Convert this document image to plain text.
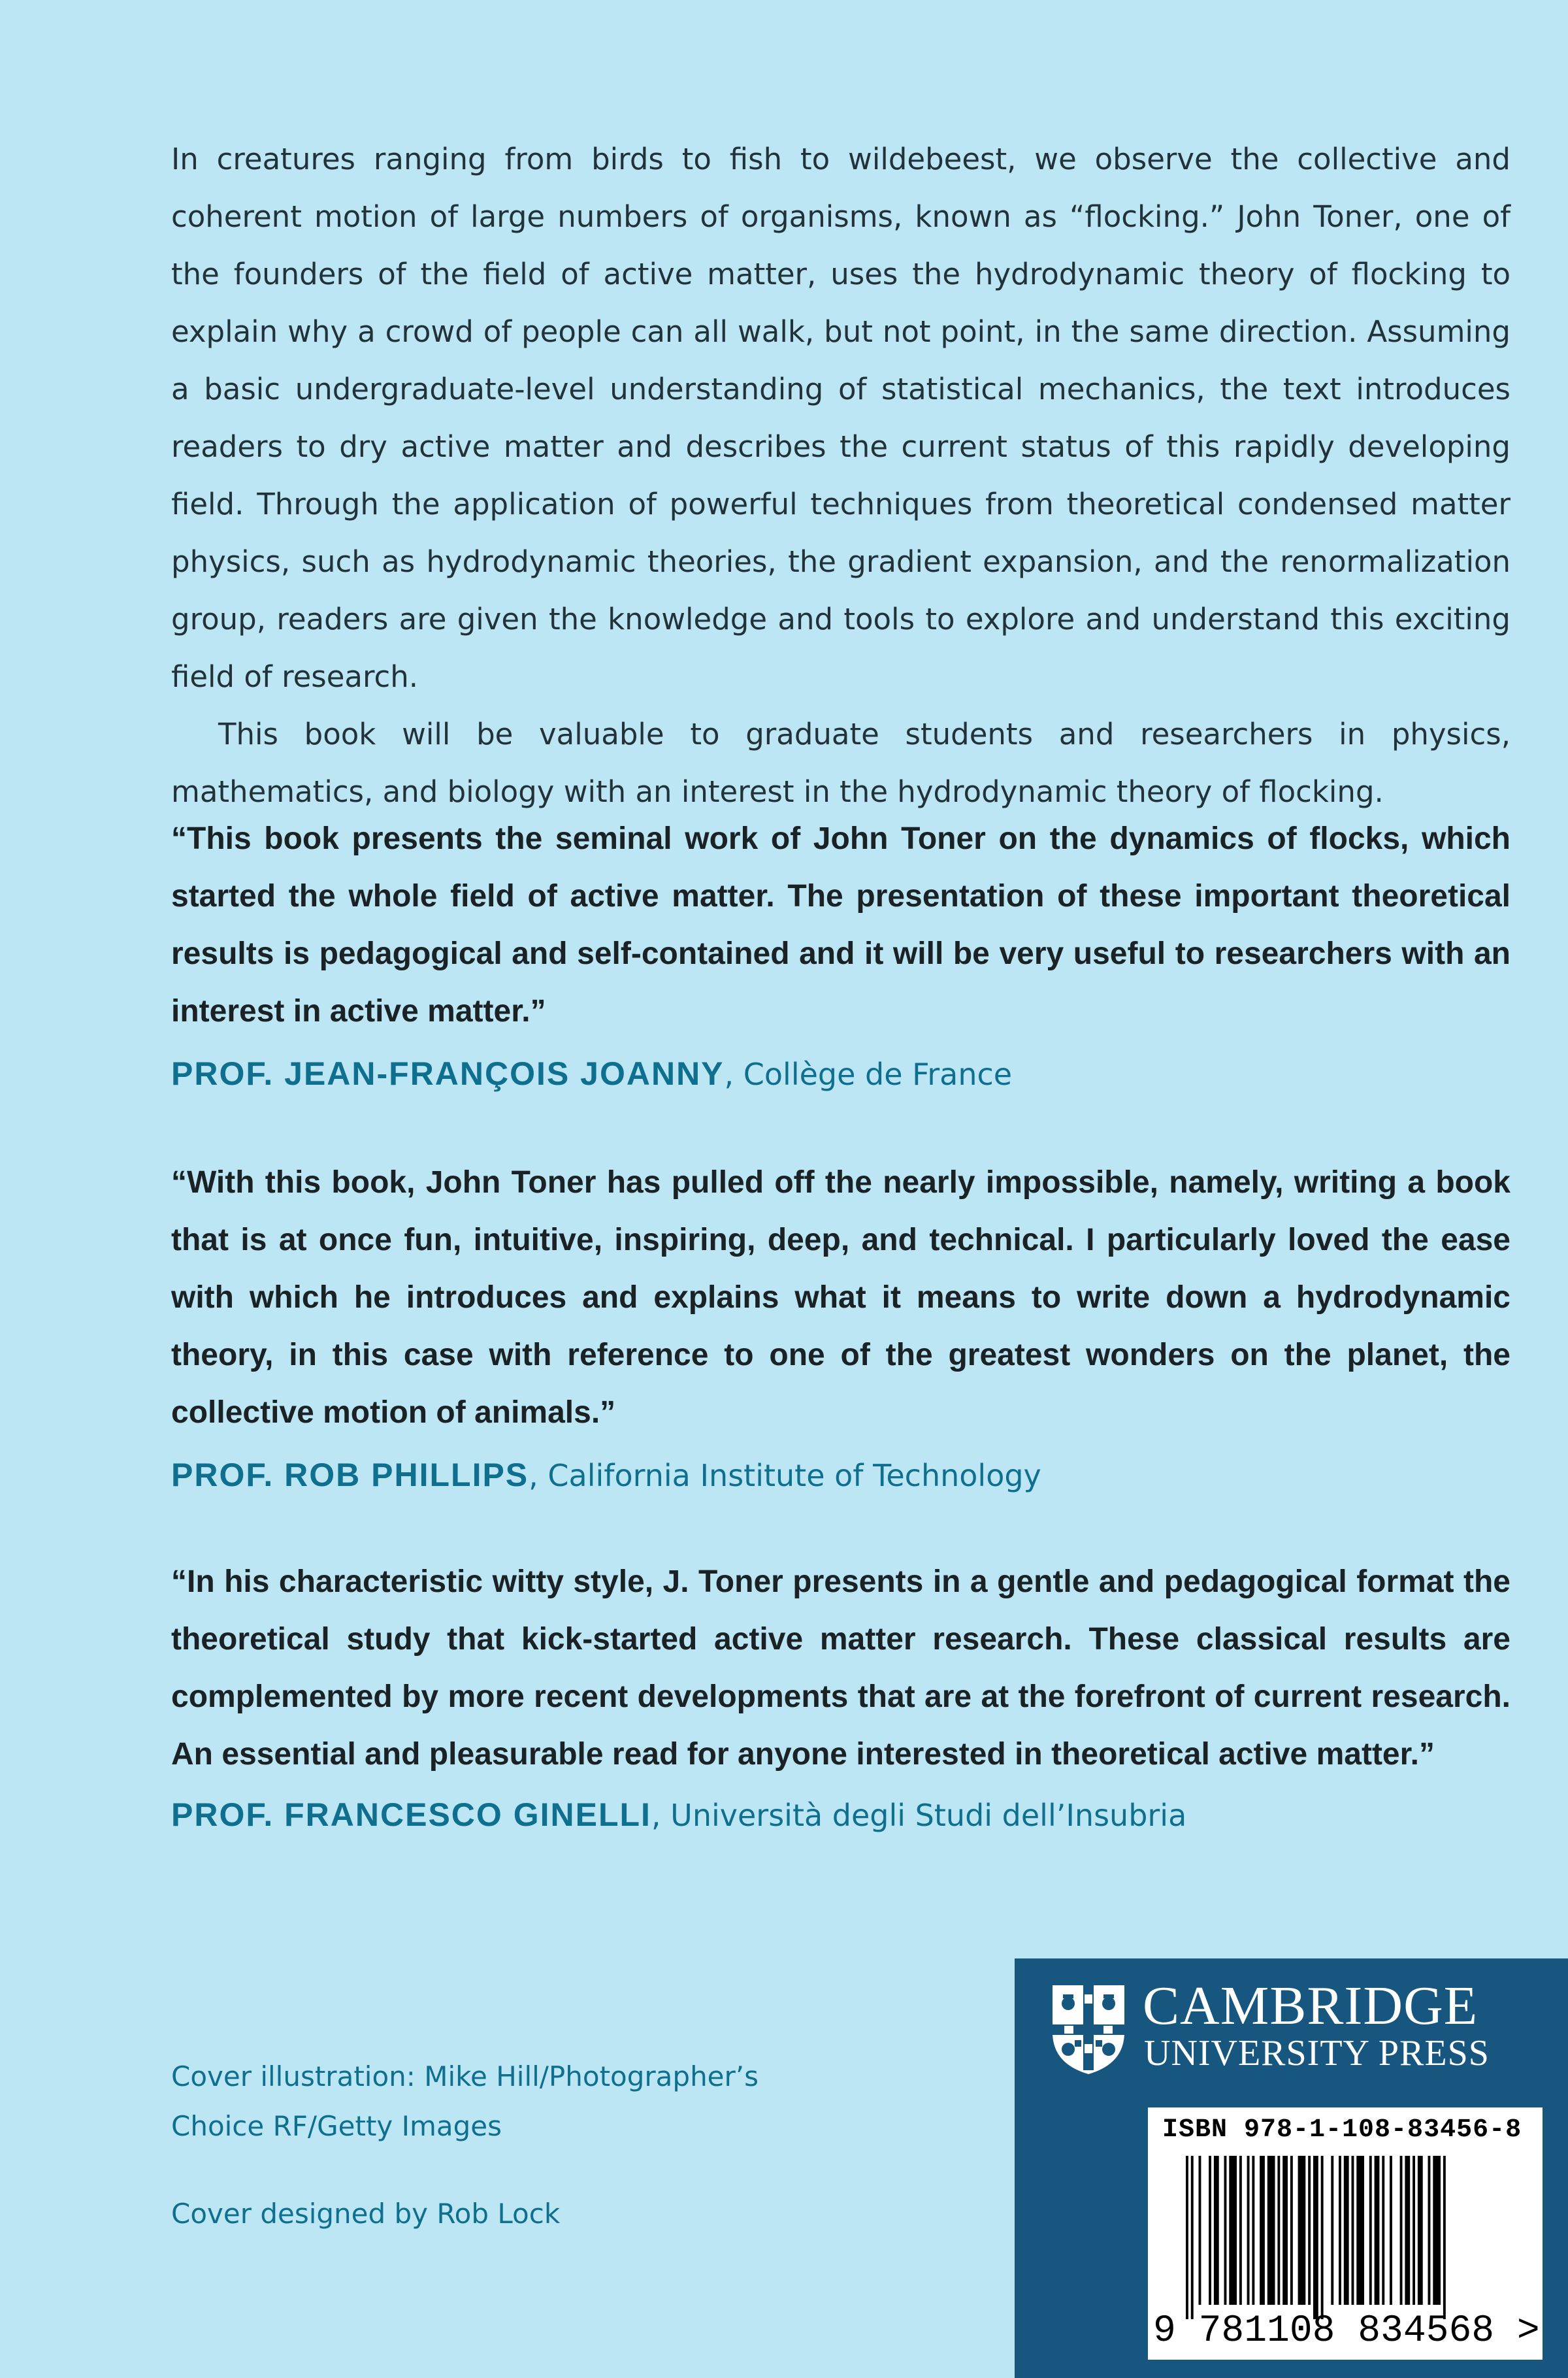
In creatures ranging from birds to fish to wildebeest, we observe the collective and coherent motion of large numbers of organisms, known as “flocking.” John Toner, one of the founders of the field of active matter, uses the hydrodynamic theory of flocking to explain why a crowd of people can all walk, but not point, in the same direction. Assuming a basic undergraduate-level understanding of statistical mechanics, the text introduces readers to dry active matter and describes the current status of this rapidly developing field. Through the application of powerful techniques from theoretical condensed matter physics, such as hydrodynamic theories, the gradient expansion, and the renormalization group, readers are given the knowledge and tools to explore and understand this exciting field of research.

This book will be valuable to graduate students and researchers in physics, mathematics, and biology with an interest in the hydrodynamic theory of flocking.

“This book presents the seminal work of John Toner on the dynamics of flocks, which started the whole field of active matter. The presentation of these important theoretical results is pedagogical and self-contained and it will be very useful to researchers with an interest in active matter.”

PROF. JEAN-FRANÇOIS JOANNY, Collège de France

“With this book, John Toner has pulled off the nearly impossible, namely, writing a book that is at once fun, intuitive, inspiring, deep, and technical. I particularly loved the ease with which he introduces and explains what it means to write down a hydrodynamic theory, in this case with reference to one of the greatest wonders on the planet, the collective motion of animals.”

PROF. ROB PHILLIPS, California Institute of Technology

“In his characteristic witty style, J. Toner presents in a gentle and pedagogical format the theoretical study that kick-started active matter research. These classical results are complemented by more recent developments that are at the forefront of current research. An essential and pleasurable read for anyone interested in theoretical active matter.”

PROF. FRANCESCO GINELLI, Università degli Studi dell’Insubria

Cover illustration: Mike Hill/Photographer’s
Choice RF/Getty Images
Cover designed by Rob Lock
CAMBRIDGE
UNIVERSITY PRESS
ISBN 978-1-108-83456-8
9 781108 834568 >
